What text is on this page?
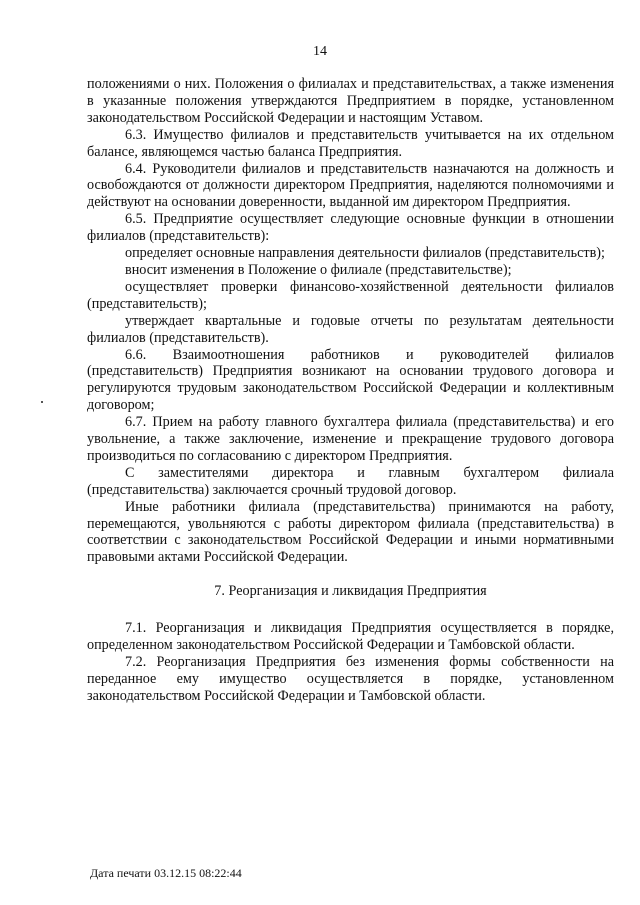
14

положениями о них. Положения о филиалах и представительствах, а также изменения в указанные положения утверждаются Предприятием в порядке, установленном законодательством Российской Федерации и настоящим Уставом.

6.3. Имущество филиалов и представительств учитывается на их отдельном балансе, являющемся частью баланса Предприятия.

6.4. Руководители филиалов и представительств назначаются на должность и освобождаются от должности директором Предприятия, наделяются полномочиями и действуют на основании доверенности, выданной им директором Предприятия.

6.5. Предприятие осуществляет следующие основные функции в отношении филиалов (представительств):

определяет основные направления деятельности филиалов (представительств);

вносит изменения в Положение о филиале (представительстве);

осуществляет проверки финансово-хозяйственной деятельности филиалов (представительств);

утверждает квартальные и годовые отчеты по результатам деятельности филиалов (представительств).

6.6. Взаимоотношения работников и руководителей филиалов (представительств) Предприятия возникают на основании трудового договора и регулируются трудовым законодательством Российской Федерации и коллективным договором;

6.7. Прием на работу главного бухгалтера филиала (представительства) и его увольнение, а также заключение, изменение и прекращение трудового договора производиться по согласованию с директором Предприятия.

С заместителями директора и главным бухгалтером филиала (представительства) заключается срочный трудовой договор.

Иные работники филиала (представительства) принимаются на работу, перемещаются, увольняются с работы директором филиала (представительства) в соответствии с законодательством Российской Федерации и иными нормативными правовыми актами Российской Федерации.

7. Реорганизация и ликвидация Предприятия

7.1. Реорганизация и ликвидация Предприятия осуществляется в порядке, определенном законодательством Российской Федерации и Тамбовской области.

7.2. Реорганизация Предприятия без изменения формы собственности на переданное ему имущество осуществляется в порядке, установленном законодательством Российской Федерации и Тамбовской области.

Дата печати 03.12.15 08:22:44
